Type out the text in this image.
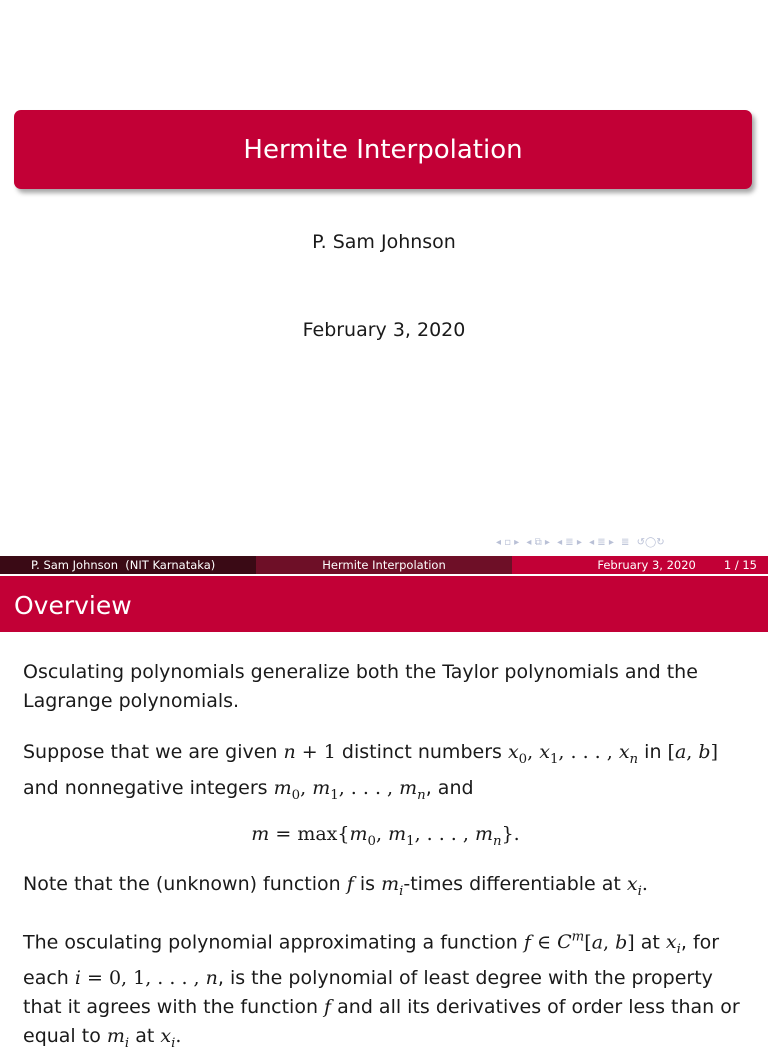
Hermite Interpolation
P. Sam Johnson
February 3, 2020
◂ ▫ ▸ ◂ ⧉ ▸ ◂ ≣ ▸ ◂ ≣ ▸ ≣ ↺◯↻
P. Sam Johnson  (NIT Karnataka)	Hermite Interpolation	February 3, 2020 1 / 15
Overview

Osculating polynomials generalize both the Taylor polynomials and the Lagrange polynomials.

Suppose that we are given n + 1 distinct numbers $x_0$, $x_1$, . . . , $x_n$ in [a, b] and nonnegative integers $m_0$, $m_1$, . . . , $m_n$, and

$m = \max\{m_0$, $m_1$, . . . , $m_n$}.

Note that the (unknown) function f is $m_i$-times differentiable at $x_i$.

The osculating polynomial approximating a function f ∈ $C^m[a$, b] at $x_i$, for each i = 0, 1, . . . , n, is the polynomial of least degree with the property that it agrees with the function f and all its derivatives of order less than or equal to $m_i$ at $x_i$.
